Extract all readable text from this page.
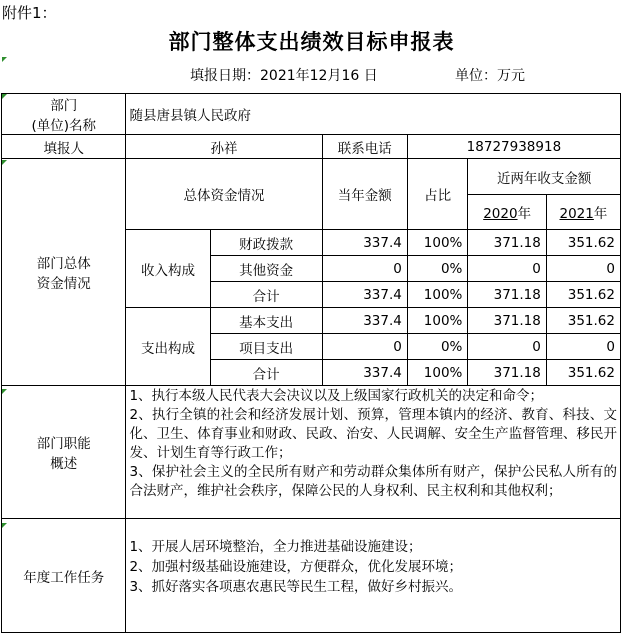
附件1：
部门整体支出绩效目标申报表
填报日期：2021年12月16 日	单位：万元
部门
(单位)名称	随县唐县镇人民政府					
填报人	孙祥		联系电话	18727938918		

部门总体
资金情况	总体资金情况		当年金额	占比	近两年收支金额	
					2020年	2021年
	收入构成	财政拨款	337.4	100%	371.18	351.62
		其他资金	0	0%	0	0
		合计	337.4	100%	371.18	351.62
	支出构成	基本支出	337.4	100%	371.18	351.62
		项目支出	0	0%	0	0
		合计	337.4	100%	371.18	351.62

部门职能
概述	1、执行本级人民代表大会决议以及上级国家行政机关的决定和命令；
2、执行全镇的社会和经济发展计划、预算，管理本镇内的经济、教育、科技、文化、卫生、体育事业和财政、民政、治安、人民调解、安全生产监督管理、移民开发、计划生育等行政工作；
3、保护社会主义的全民所有财产和劳动群众集体所有财产，保护公民私人所有的合法财产，维护社会秩序，保障公民的人身权利、民主权利和其他权利；					

年度工作任务	1、开展人居环境整治，全力推进基础设施建设；
2、加强村级基础设施建设，方便群众，优化发展环境；
3、抓好落实各项惠农惠民等民生工程，做好乡村振兴。					
